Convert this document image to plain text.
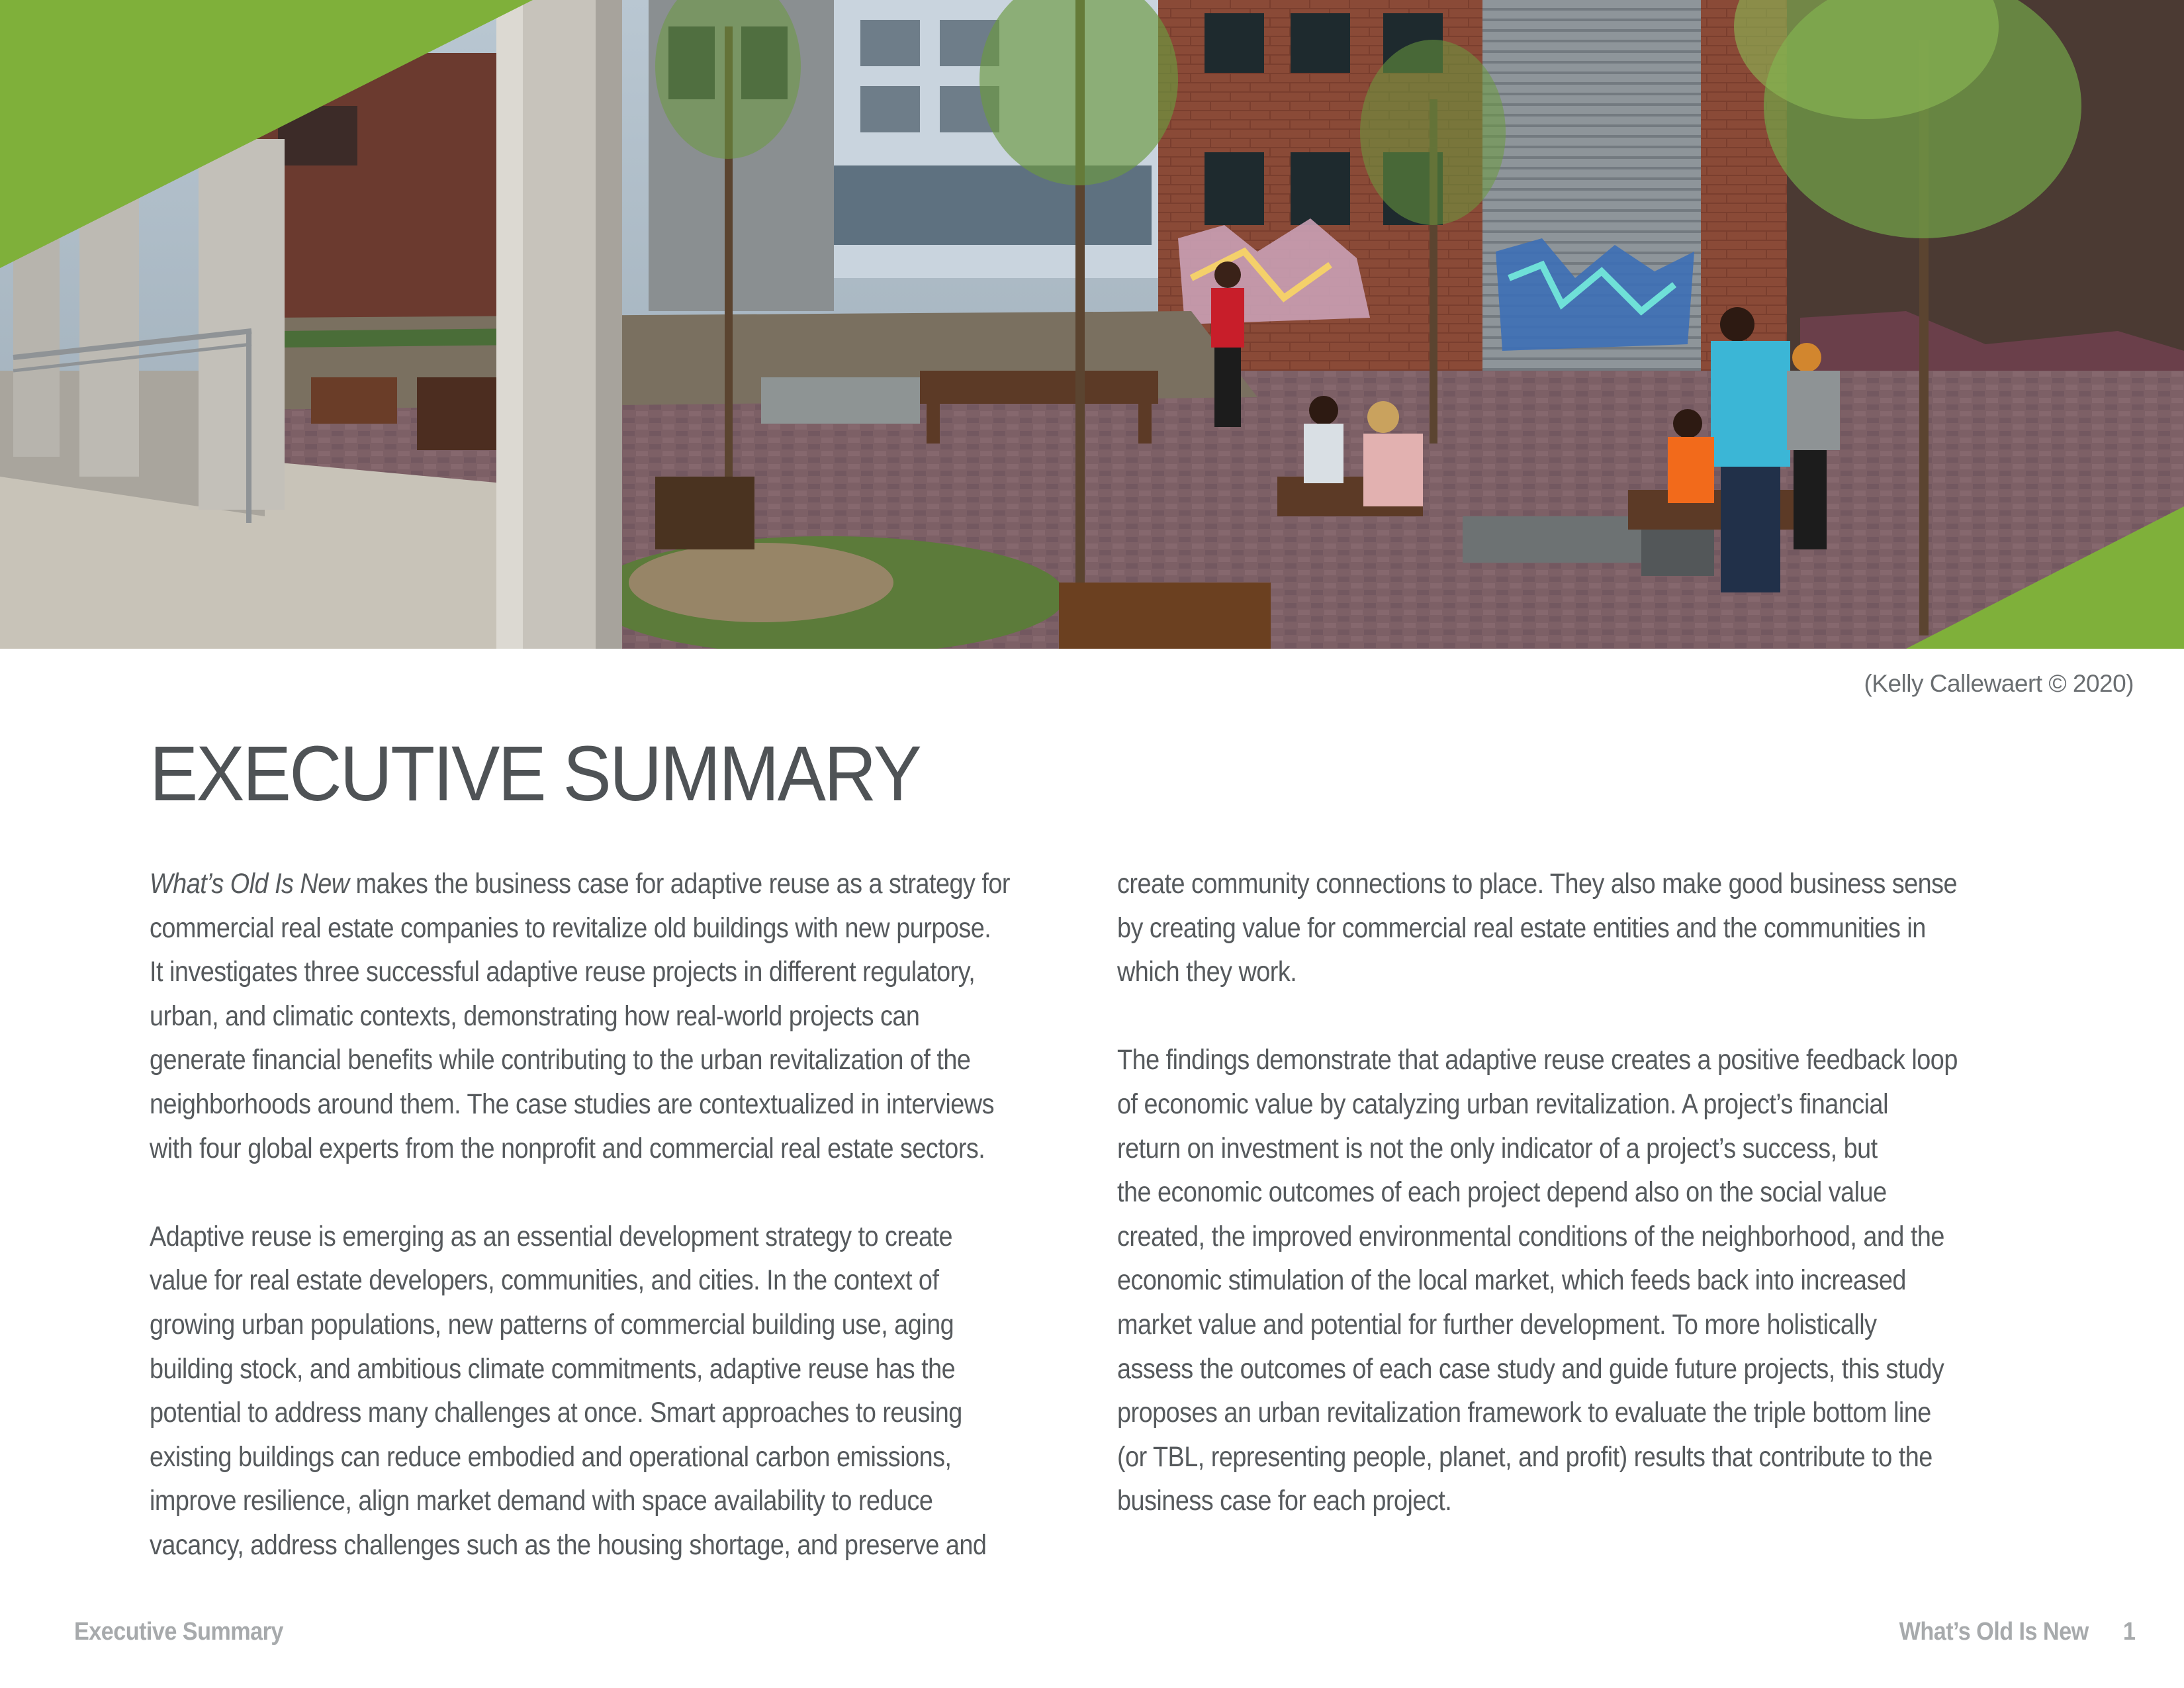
(Kelly Callewaert © 2020)
EXECUTIVE SUMMARY

What’s Old Is New makes the business case for adaptive reuse as a strategy for
commercial real estate companies to revitalize old buildings with new purpose.
It investigates three successful adaptive reuse projects in different regulatory,
urban, and climatic contexts, demonstrating how real-world projects can
generate financial benefits while contributing to the urban revitalization of the
neighborhoods around them. The case studies are contextualized in interviews
with four global experts from the nonprofit and commercial real estate sectors.

Adaptive reuse is emerging as an essential development strategy to create
value for real estate developers, communities, and cities. In the context of
growing urban populations, new patterns of commercial building use, aging
building stock, and ambitious climate commitments, adaptive reuse has the
potential to address many challenges at once. Smart approaches to reusing
existing buildings can reduce embodied and operational carbon emissions,
improve resilience, align market demand with space availability to reduce
vacancy, address challenges such as the housing shortage, and preserve and

create community connections to place. They also make good business sense
by creating value for commercial real estate entities and the communities in
which they work.

The findings demonstrate that adaptive reuse creates a positive feedback loop
of economic value by catalyzing urban revitalization. A project’s financial
return on investment is not the only indicator of a project’s success, but
the economic outcomes of each project depend also on the social value
created, the improved environmental conditions of the neighborhood, and the
economic stimulation of the local market, which feeds back into increased
market value and potential for further development. To more holistically
assess the outcomes of each case study and guide future projects, this study
proposes an urban revitalization framework to evaluate the triple bottom line
(or TBL, representing people, planet, and profit) results that contribute to the
business case for each project.

Executive Summary	What’s Old Is New 1
